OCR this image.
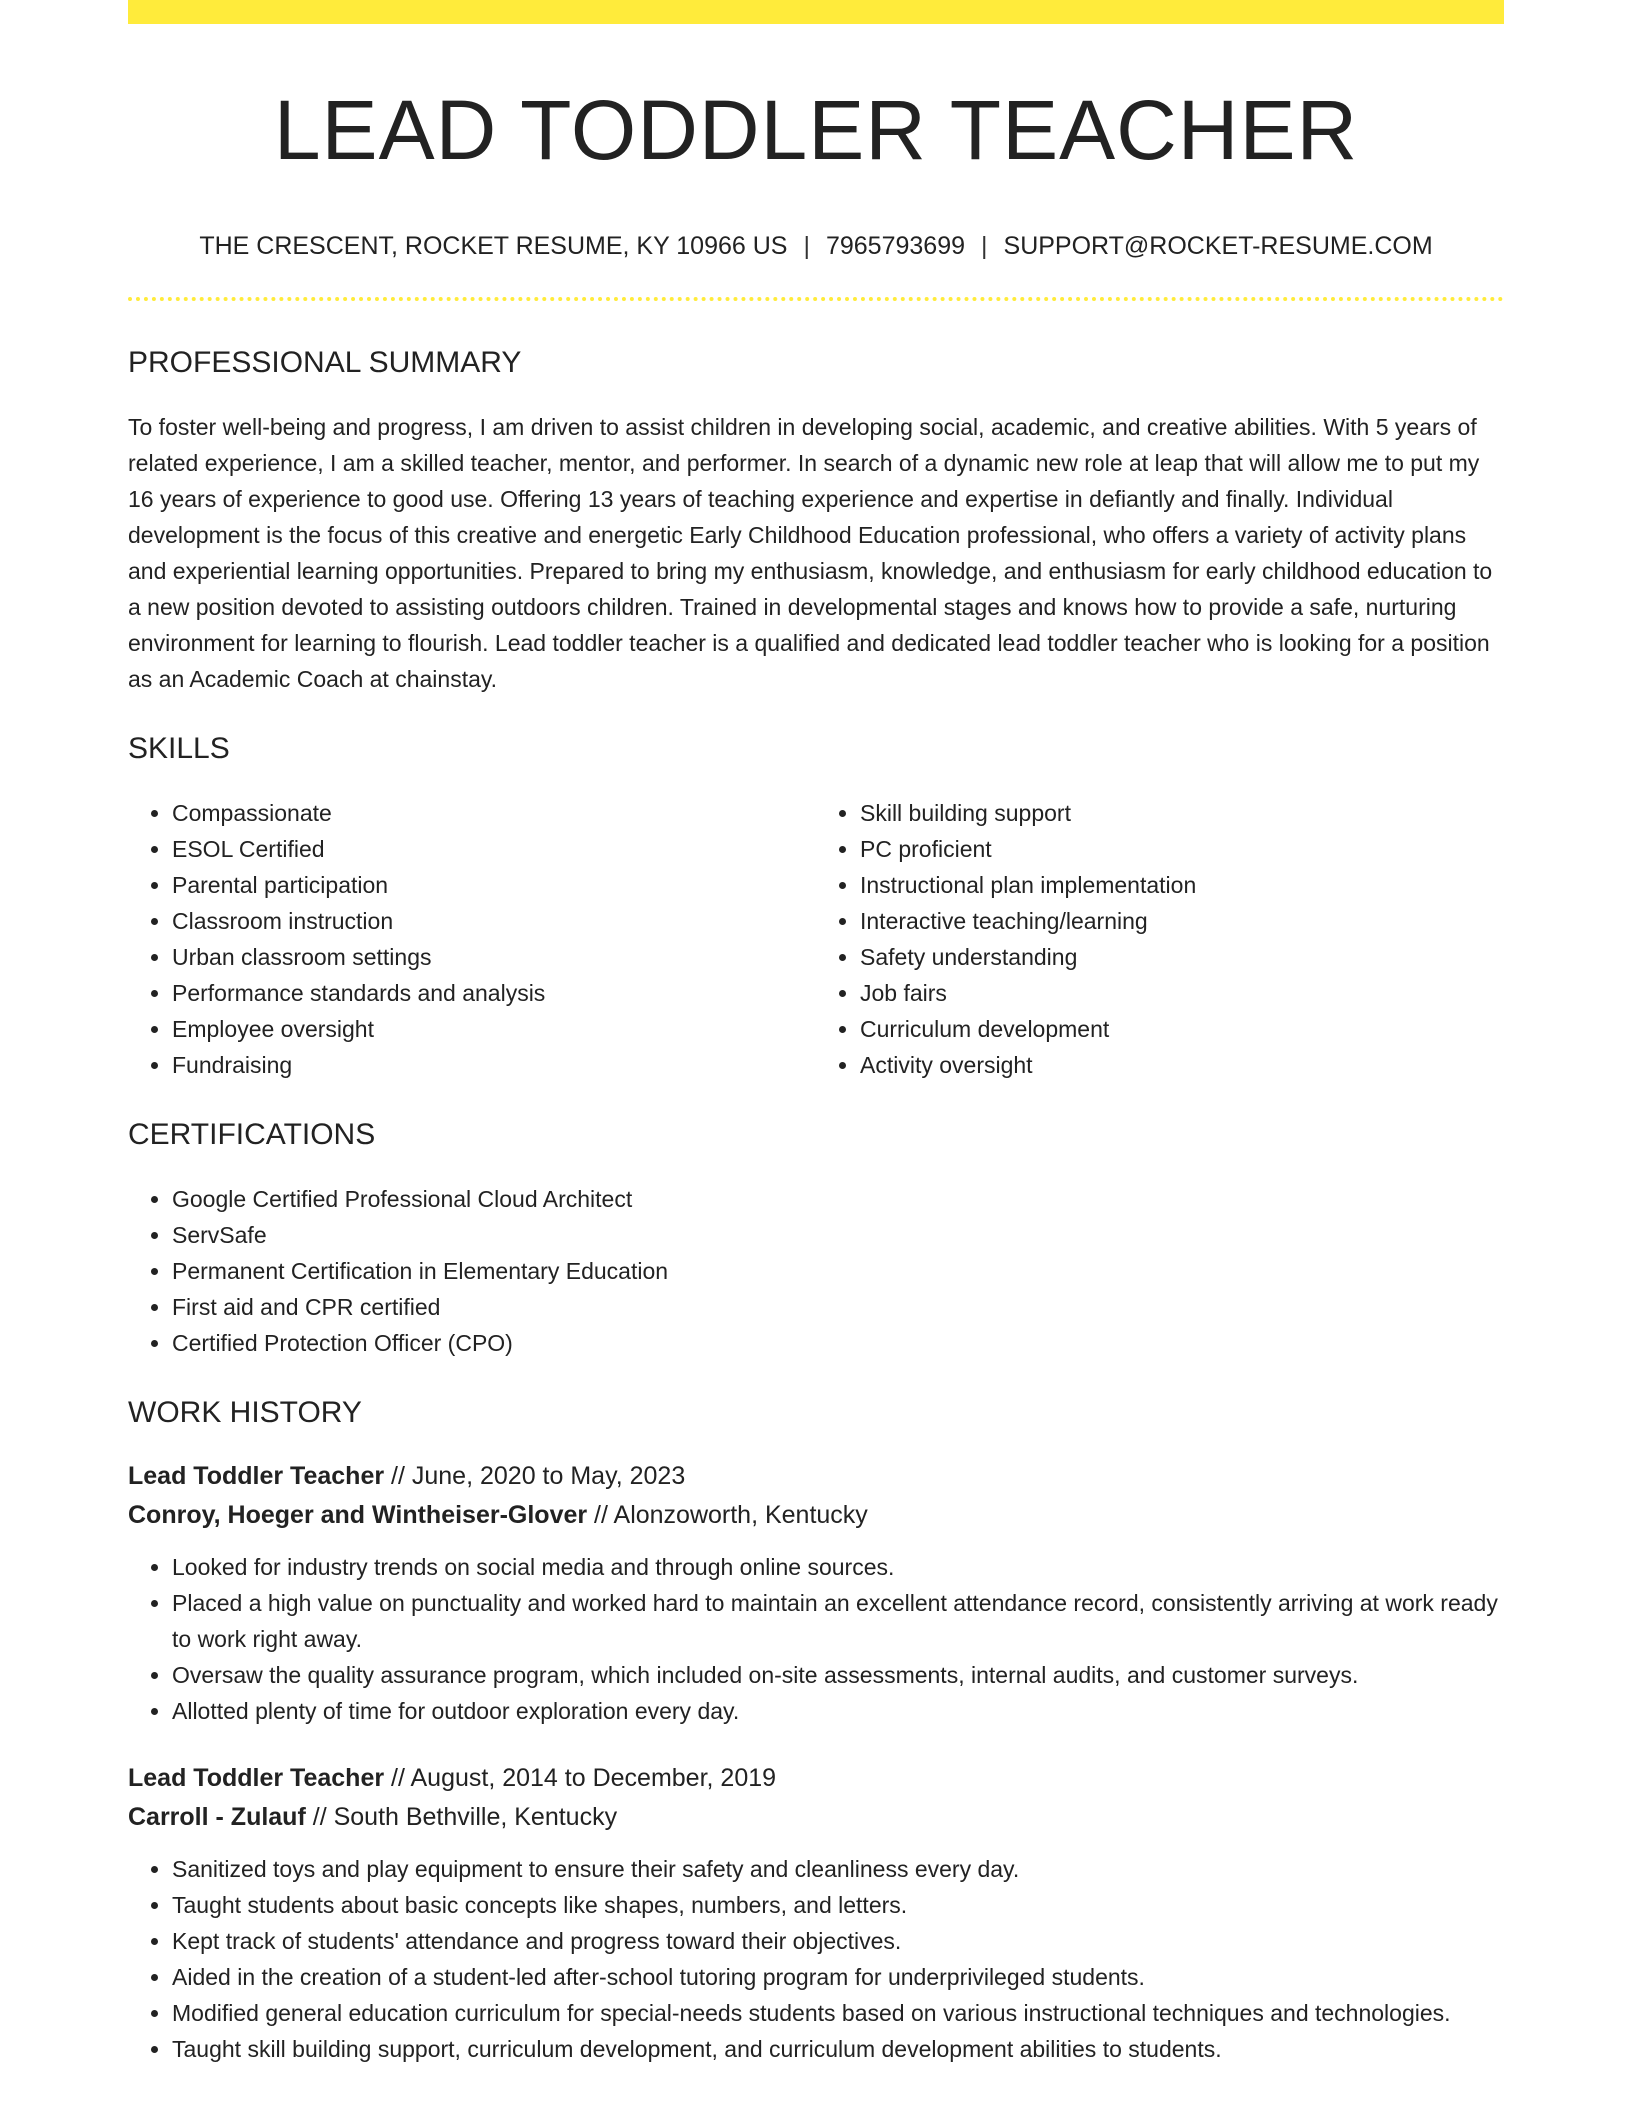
LEAD TODDLER TEACHER
THE CRESCENT, ROCKET RESUME, KY 10966 US | 7965793699 | SUPPORT@ROCKET-RESUME.COM
PROFESSIONAL SUMMARY

To foster well-being and progress, I am driven to assist children in developing social, academic, and creative abilities. With 5 years of related experience, I am a skilled teacher, mentor, and performer. In search of a dynamic new role at leap that will allow me to put my 16 years of experience to good use. Offering 13 years of teaching experience and expertise in defiantly and finally. Individual development is the focus of this creative and energetic Early Childhood Education professional, who offers a variety of activity plans and experiential learning opportunities. Prepared to bring my enthusiasm, knowledge, and enthusiasm for early childhood education to a new position devoted to assisting outdoors children. Trained in developmental stages and knows how to provide a safe, nurturing environment for learning to flourish. Lead toddler teacher is a qualified and dedicated lead toddler teacher who is looking for a position as an Academic Coach at chainstay.

SKILLS
• Compassionate
• ESOL Certified
• Parental participation
• Classroom instruction
• Urban classroom settings
• Performance standards and analysis
• Employee oversight
• Fundraising
• Skill building support
• PC proficient
• Instructional plan implementation
• Interactive teaching/learning
• Safety understanding
• Job fairs
• Curriculum development
• Activity oversight
CERTIFICATIONS
• Google Certified Professional Cloud Architect
• ServSafe
• Permanent Certification in Elementary Education
• First aid and CPR certified
• Certified Protection Officer (CPO)
WORK HISTORY
Lead Toddler Teacher // June, 2020 to May, 2023
Conroy, Hoeger and Wintheiser-Glover // Alonzoworth, Kentucky
• Looked for industry trends on social media and through online sources.
• Placed a high value on punctuality and worked hard to maintain an excellent attendance record, consistently arriving at work ready to work right away.
• Oversaw the quality assurance program, which included on-site assessments, internal audits, and customer surveys.
• Allotted plenty of time for outdoor exploration every day.
Lead Toddler Teacher // August, 2014 to December, 2019
Carroll - Zulauf // South Bethville, Kentucky
• Sanitized toys and play equipment to ensure their safety and cleanliness every day.
• Taught students about basic concepts like shapes, numbers, and letters.
• Kept track of students' attendance and progress toward their objectives.
• Aided in the creation of a student-led after-school tutoring program for underprivileged students.
• Modified general education curriculum for special-needs students based on various instructional techniques and technologies.
• Taught skill building support, curriculum development, and curriculum development abilities to students.
